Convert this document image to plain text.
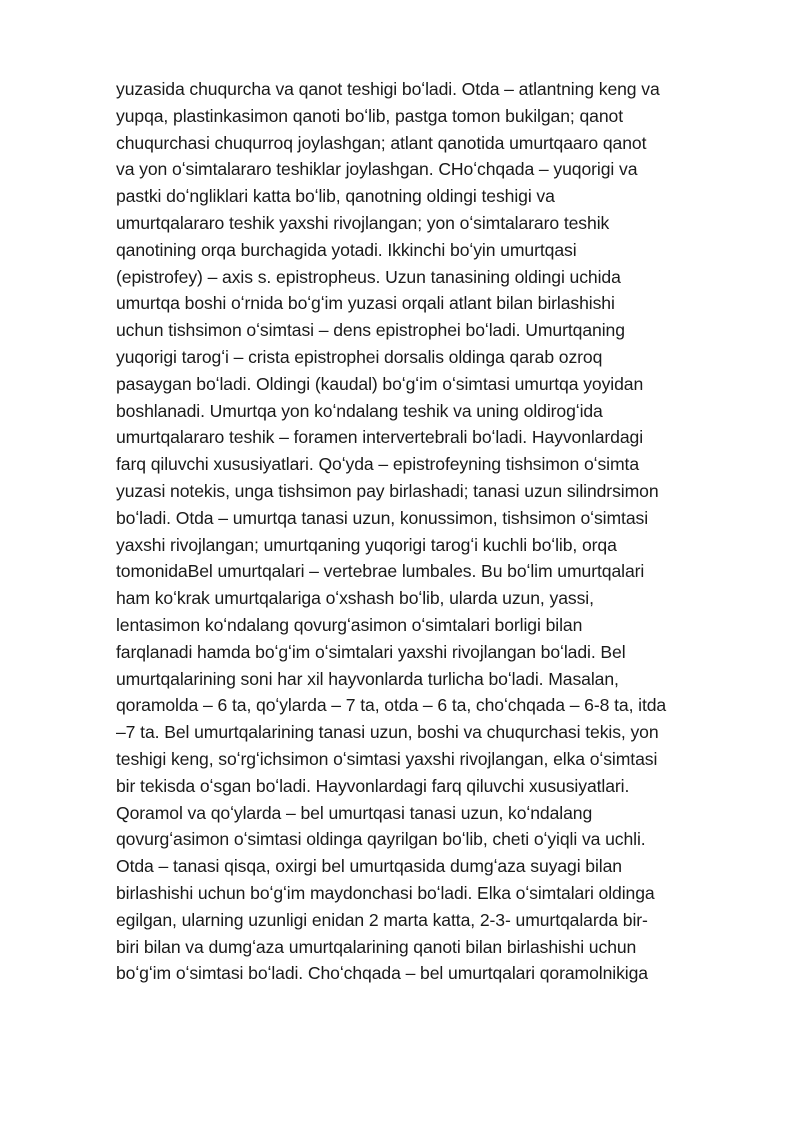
yuzasida chuqurcha va qanot teshigi boʻladi. Otda – atlantning keng va
yupqa, plastinkasimon qanoti boʻlib, pastga tomon bukilgan; qanot
chuqurchasi chuqurroq joylashgan; atlant qanotida umurtqaaro qanot
va yon oʻsimtalararo teshiklar joylashgan. CHoʻchqada – yuqorigi va
pastki doʻngliklari katta boʻlib, qanotning oldingi teshigi va
umurtqalararo teshik yaxshi rivojlangan; yon oʻsimtalararo teshik
qanotining orqa burchagida yotadi. Ikkinchi boʻyin umurtqasi
(epistrofey) – axis s. epistropheus. Uzun tanasining oldingi uchida
umurtqa boshi oʻrnida boʻgʻim yuzasi orqali atlant bilan birlashishi
uchun tishsimon oʻsimtasi – dens epistrophei boʻladi. Umurtqaning
yuqorigi tarogʻi – crista epistrophei dorsalis oldinga qarab ozroq
pasaygan boʻladi. Oldingi (kaudal) boʻgʻim oʻsimtasi umurtqa yoyidan
boshlanadi. Umurtqa yon koʻndalang teshik va uning oldirogʻida
umurtqalararo teshik – foramen intervertebrali boʻladi. Hayvonlardagi
farq qiluvchi xususiyatlari. Qoʻyda – epistrofeyning tishsimon oʻsimta
yuzasi notekis, unga tishsimon pay birlashadi; tanasi uzun silindrsimon
boʻladi. Otda – umurtqa tanasi uzun, konussimon, tishsimon oʻsimtasi
yaxshi rivojlangan; umurtqaning yuqorigi tarogʻi kuchli boʻlib, orqa
tomonidaBel umurtqalari – vertebrae lumbales. Bu boʻlim umurtqalari
ham koʻkrak umurtqalariga oʻxshash boʻlib, ularda uzun, yassi,
lentasimon koʻndalang qovurgʻasimon oʻsimtalari borligi bilan
farqlanadi hamda boʻgʻim oʻsimtalari yaxshi rivojlangan boʻladi. Bel
umurtqalarining soni har xil hayvonlarda turlicha boʻladi. Masalan,
qoramolda – 6 ta, qoʻylarda – 7 ta, otda – 6 ta, choʻchqada – 6-8 ta, itda
–7 ta. Bel umurtqalarining tanasi uzun, boshi va chuqurchasi tekis, yon
teshigi keng, soʻrgʻichsimon oʻsimtasi yaxshi rivojlangan, elka oʻsimtasi
bir tekisda oʻsgan boʻladi. Hayvonlardagi farq qiluvchi xususiyatlari.
Qoramol va qoʻylarda – bel umurtqasi tanasi uzun, koʻndalang
qovurgʻasimon oʻsimtasi oldinga qayrilgan boʻlib, cheti oʻyiqli va uchli.
Otda – tanasi qisqa, oxirgi bel umurtqasida dumgʻaza suyagi bilan
birlashishi uchun boʻgʻim maydonchasi boʻladi. Elka oʻsimtalari oldinga
egilgan, ularning uzunligi enidan 2 marta katta, 2-3- umurtqalarda bir-
biri bilan va dumgʻaza umurtqalarining qanoti bilan birlashishi uchun
boʻgʻim oʻsimtasi boʻladi. Choʻchqada – bel umurtqalari qoramolnikiga
